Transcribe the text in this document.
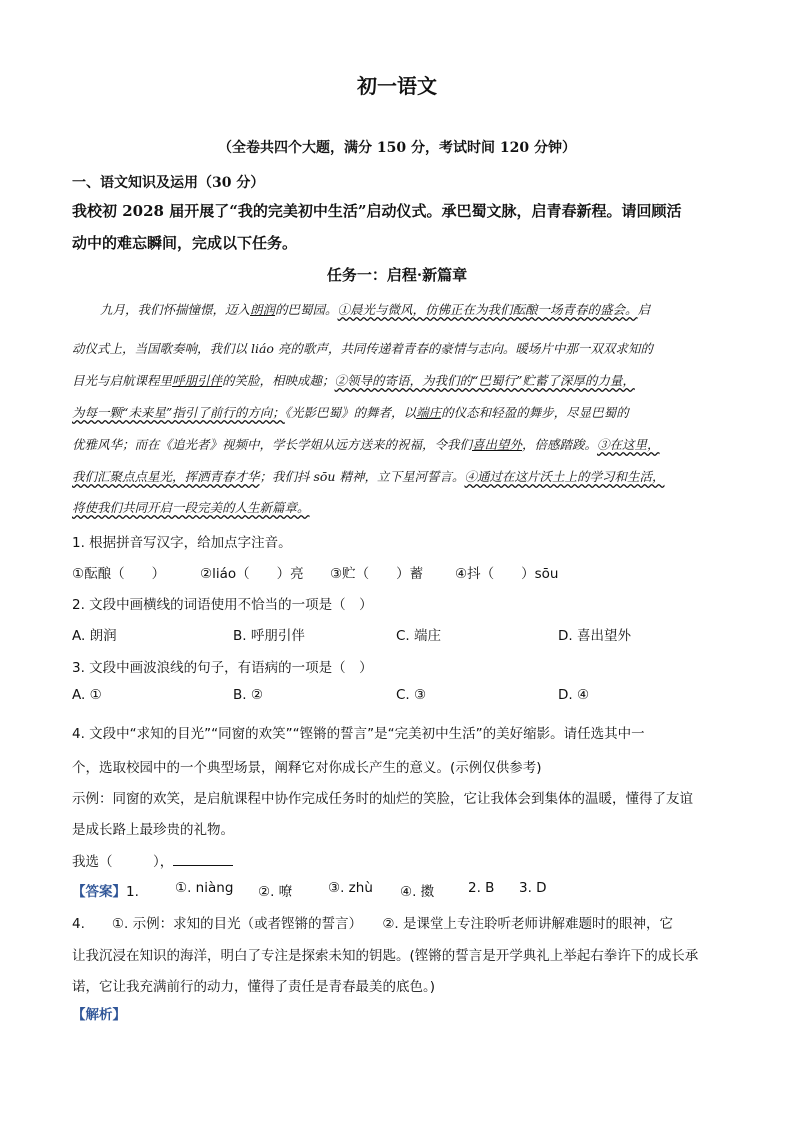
初一语文
（全卷共四个大题，满分 150 分，考试时间 120 分钟）
一、语文知识及运用（30 分）
我校初 2028 届开展了“我的完美初中生活”启动仪式。承巴蜀文脉，启青春新程。请回顾活
动中的难忘瞬间，完成以下任务。
任务一：启程·新篇章
九月，我们怀揣憧憬，迈入朗润的巴蜀园。①晨光与微风，仿佛正在为我们酝酿一场青春的盛会。启
动仪式上，当国歌奏响，我们以 liáo 亮的歌声，共同传递着青春的豪情与志向。暖场片中那一双双求知的
目光与启航课程里呼朋引伴的笑脸，相映成趣；②领导的寄语，为我们的“巴蜀行”贮蓄了深厚的力量，
为每一颗“未来星”指引了前行的方向；《光影巴蜀》的舞者，以端庄的仪态和轻盈的舞步，尽显巴蜀的
优雅风华；而在《追光者》视频中，学长学姐从远方送来的祝福，令我们喜出望外，倍感踏踆。③在这里，
我们汇聚点点星光，挥洒青春才华；我们抖 sōu 精神，立下星河誓言。④通过在这片沃土上的学习和生活，
将使我们共同开启一段完美的人生新篇章。
1. 根据拼音写汉字，给加点字注音。
①酝酿（　　）	②liáo（　　）亮 ③贮（　　）蓄 ④抖（　　）sōu
2. 文段中画横线的词语使用不恰当的一项是（　）
A. 朗润	B. 呼朋引伴	C. 端庄	D. 喜出望外
3. 文段中画波浪线的句子，有语病的一项是（　）
A. ①	B. ②	C. ③	D. ④
4. 文段中“求知的目光”“同窗的欢笑”“铿锵的誓言”是“完美初中生活”的美好缩影。请任选其中一
个，选取校园中的一个典型场景，阐释它对你成长产生的意义。(示例仅供参考)
示例：同窗的欢笑，是启航课程中协作完成任务时的灿烂的笑脸，它让我体会到集体的温暖，懂得了友谊
是成长路上最珍贵的礼物。
我选（　　　），
【答案】1.	①. niàng ②. 嘹	③. zhù ④. 擞	2. B 3. D
4.　　①. 示例：求知的目光（或者铿锵的誓言）　　②. 是课堂上专注聆听老师讲解难题时的眼神，它
让我沉浸在知识的海洋，明白了专注是探索未知的钥匙。(铿锵的誓言是开学典礼上举起右拳许下的成长承
诺，它让我充满前行的动力，懂得了责任是青春最美的底色。)
【解析】
